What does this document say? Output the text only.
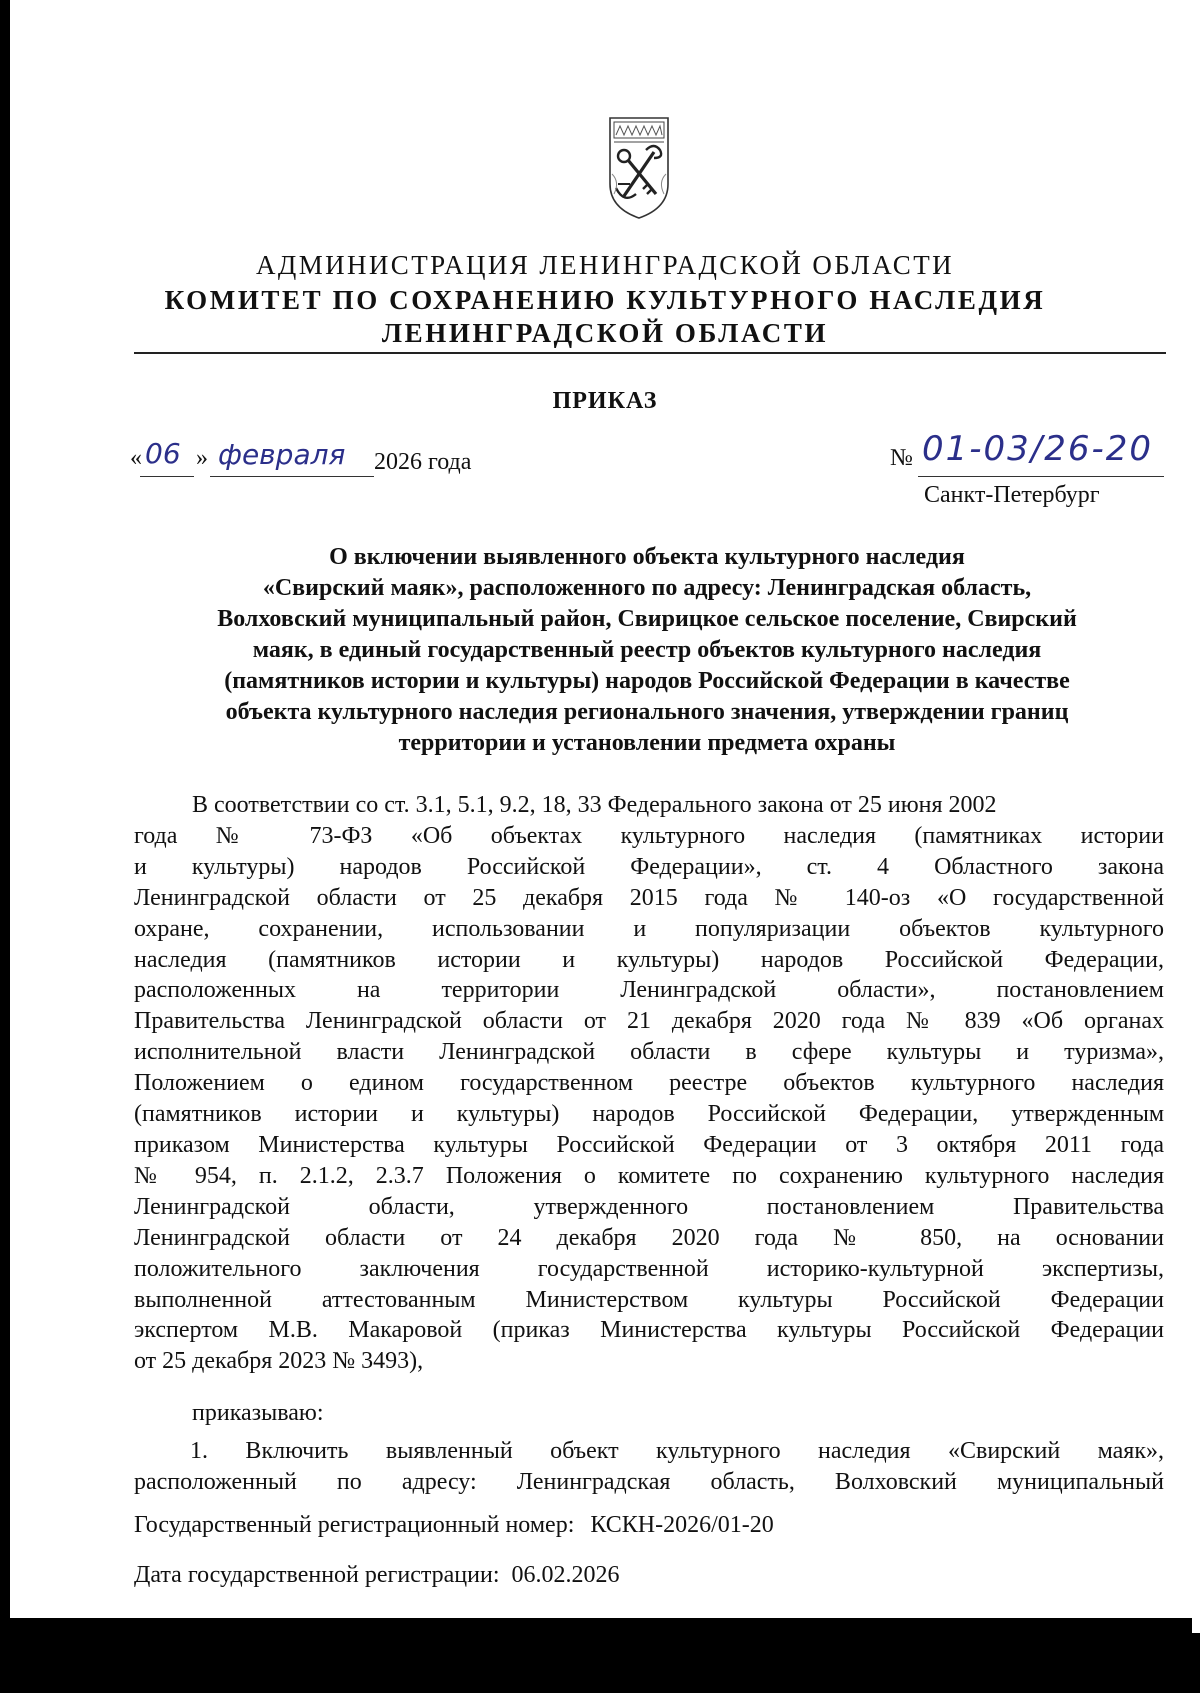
АДМИНИСТРАЦИЯ ЛЕНИНГРАДСКОЙ ОБЛАСТИ
КОМИТЕТ ПО СОХРАНЕНИЮ КУЛЬТУРНОГО НАСЛЕДИЯ
ЛЕНИНГРАДСКОЙ ОБЛАСТИ
ПРИКАЗ
« 06 » февраля 2026 года	№ 01-03/26-20
Санкт-Петербург
О включении выявленного объекта культурного наследия
«Свирский маяк», расположенного по адресу: Ленинградская область,
Волховский муниципальный район, Свирицкое сельское поселение, Свирский
маяк, в единый государственный реестр объектов культурного наследия
(памятников истории и культуры) народов Российской Федерации в качестве
объекта культурного наследия регионального значения, утверждении границ
территории и установлении предмета охраны
В соответствии со ст. 3.1, 5.1, 9.2, 18, 33 Федерального закона от 25 июня 2002
года № 73-ФЗ «Об объектах культурного наследия (памятниках истории
и культуры) народов Российской Федерации», ст. 4 Областного закона
Ленинградской области от 25 декабря 2015 года № 140-оз «О государственной
охране, сохранении, использовании и популяризации объектов культурного
наследия (памятников истории и культуры) народов Российской Федерации,
расположенных на территории Ленинградской области», постановлением
Правительства Ленинградской области от 21 декабря 2020 года № 839 «Об органах
исполнительной власти Ленинградской области в сфере культуры и туризма»,
Положением о едином государственном реестре объектов культурного наследия
(памятников истории и культуры) народов Российской Федерации, утвержденным
приказом Министерства культуры Российской Федерации от 3 октября 2011 года
№ 954, п. 2.1.2, 2.3.7 Положения о комитете по сохранению культурного наследия
Ленинградской области, утвержденного постановлением Правительства
Ленинградской области от 24 декабря 2020 года № 850, на основании
положительного заключения государственной историко-культурной экспертизы,
выполненной аттестованным Министерством культуры Российской Федерации
экспертом М.В. Макаровой (приказ Министерства культуры Российской Федерации
от 25 декабря 2023 № 3493),
приказываю:
1. Включить выявленный объект культурного наследия «Свирский маяк»,
расположенный по адресу: Ленинградская область, Волховский муниципальный
Государственный регистрационный номер: КСКН-2026/01-20
Дата государственной регистрации: 06.02.2026
